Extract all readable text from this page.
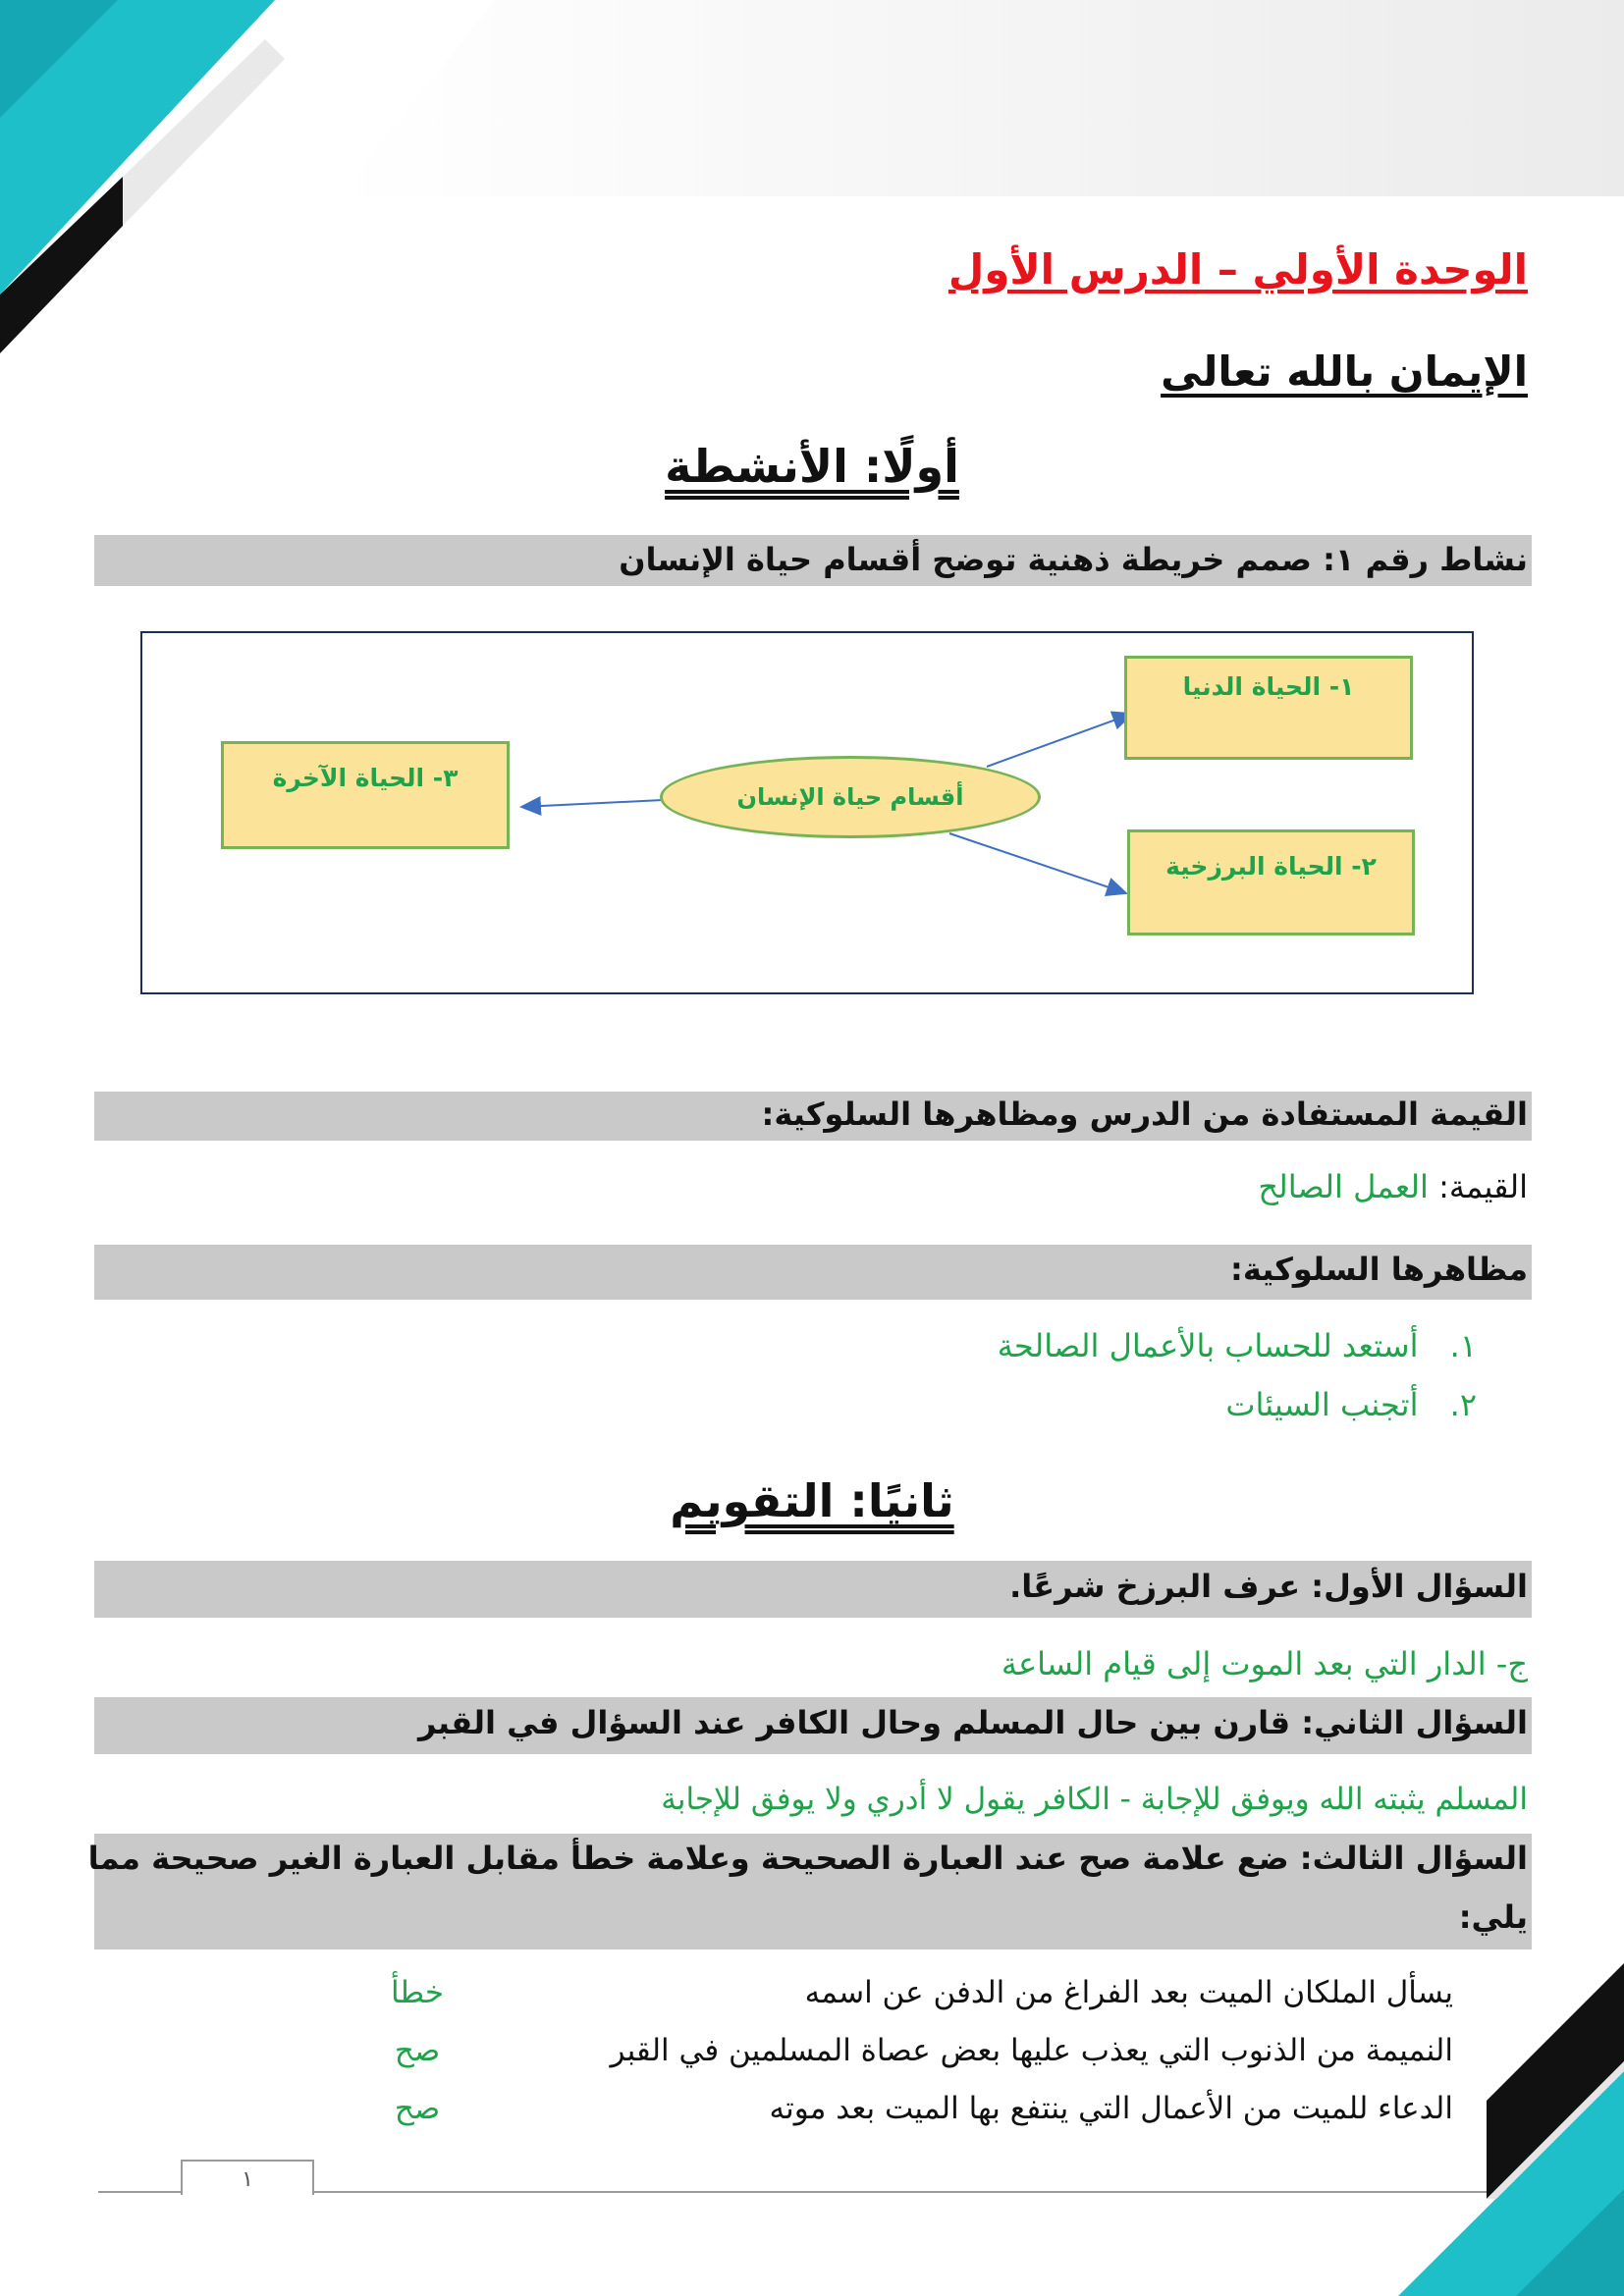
الوحدة الأولي – الدرس الأول
الإيمان بالله تعالى
أولًا: الأنشطة
نشاط رقم ١: صمم خريطة ذهنية توضح أقسام حياة الإنسان
أقسام حياة الإنسان
١- الحياة الدنيا
٢- الحياة البرزخية
٣- الحياة الآخرة
القيمة المستفادة من الدرس ومظاهرها السلوكية:
القيمة: العمل الصالح
مظاهرها السلوكية:
١. أستعد للحساب بالأعمال الصالحة
٢. أتجنب السيئات
ثانيًا: التقويم
السؤال الأول: عرف البرزخ شرعًا.
ج- الدار التي بعد الموت إلى قيام الساعة
السؤال الثاني: قارن بين حال المسلم وحال الكافر عند السؤال في القبر
المسلم يثبته الله ويوفق للإجابة - الكافر يقول لا أدري ولا يوفق للإجابة
السؤال الثالث: ضع علامة صح عند العبارة الصحيحة وعلامة خطأ مقابل العبارة الغير صحيحة مما
يلي:
يسأل الملكان الميت بعد الفراغ من الدفن عن اسمه
خطأ
النميمة من الذنوب التي يعذب عليها بعض عصاة المسلمين في القبر
صح
الدعاء للميت من الأعمال التي ينتفع بها الميت بعد موته
صح
١
